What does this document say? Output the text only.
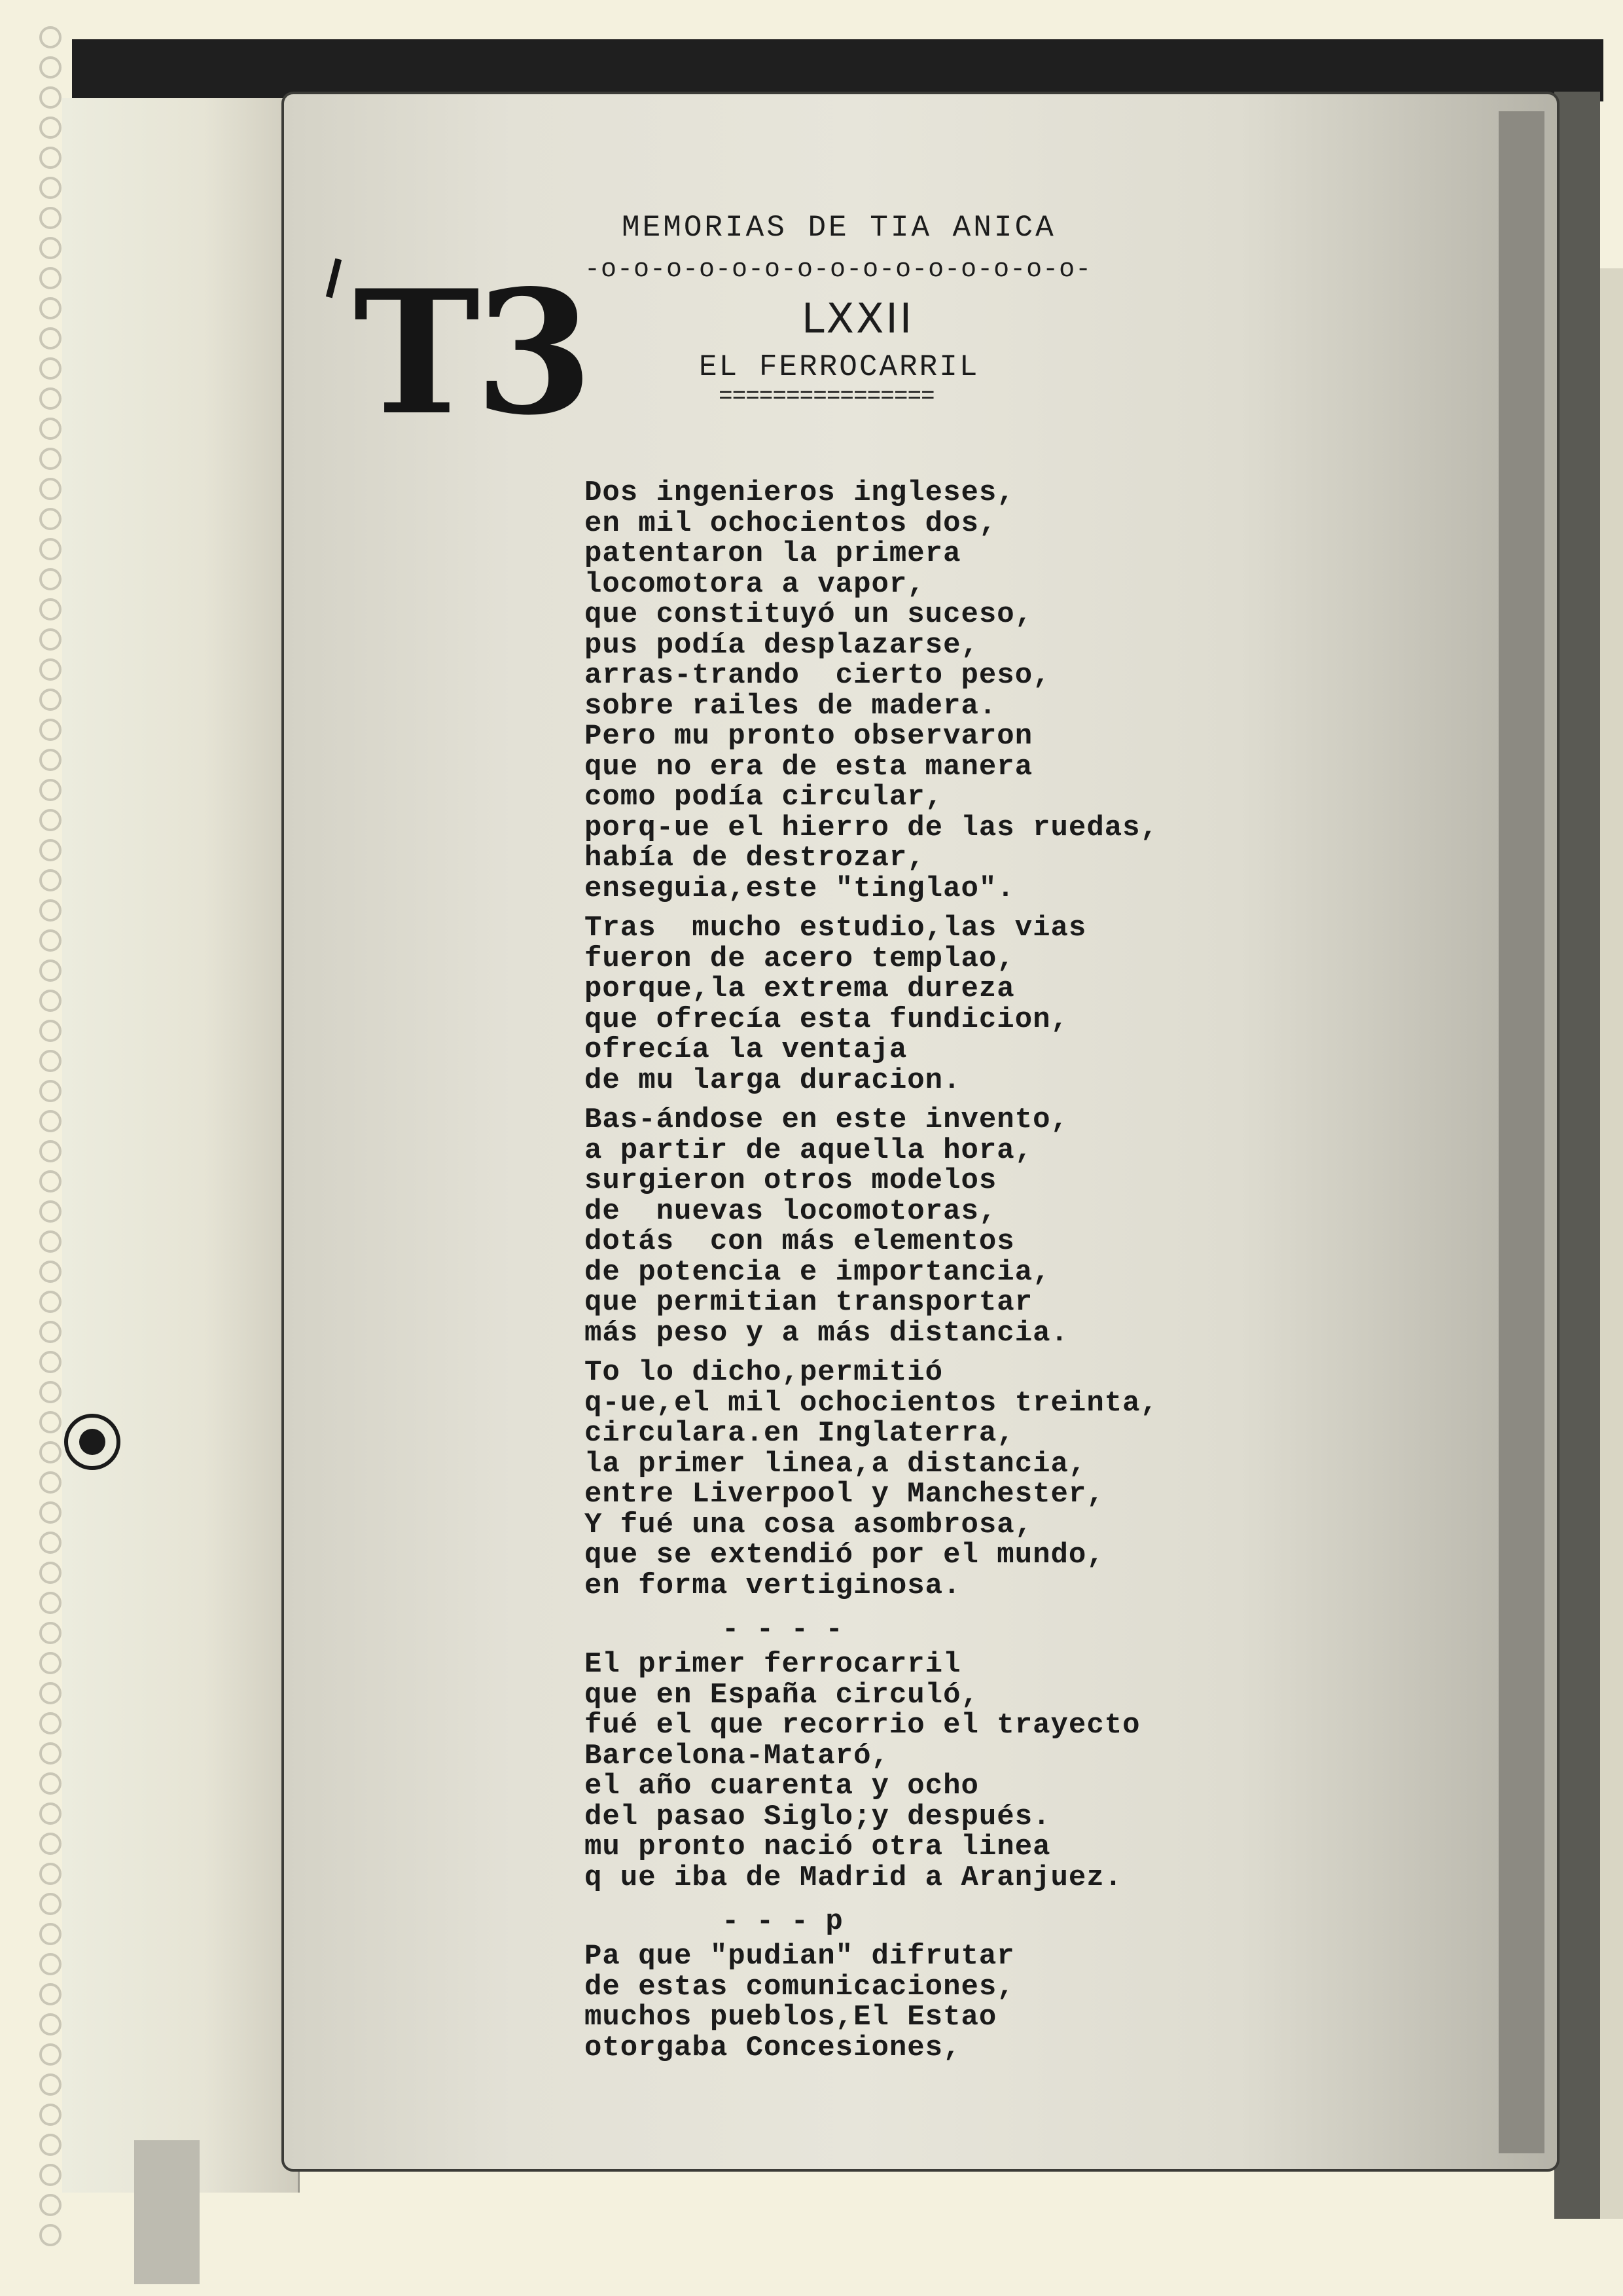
T3
MEMORIAS DE TIA ANICA
-o-o-o-o-o-o-o-o-o-o-o-o-o-o-o-
LXXII
EL FERROCARRIL
================
Dos ingenieros ingleses,
en mil ochocientos dos,
patentaron la primera
locomotora a vapor,
que constituyó un suceso,
pus podía desplazarse,
arras-trando  cierto peso,
sobre railes de madera.
Pero mu pronto observaron
que no era de esta manera
como podía circular,
porq-ue el hierro de las ruedas,
había de destrozar,
enseguia,este "tinglao".
Tras  mucho estudio,las vias
fueron de acero templao,
porque,la extrema dureza
que ofrecía esta fundicion,
ofrecía la ventaja
de mu larga duracion.
Bas-ándose en este invento,
a partir de aquella hora,
surgieron otros modelos
de  nuevas locomotoras,
dotás  con más elementos
de potencia e importancia,
que permitian transportar
más peso y a más distancia.
To lo dicho,permitió
q-ue,el mil ochocientos treinta,
circulara.en Inglaterra,
la primer linea,a distancia,
entre Liverpool y Manchester,
Y fué una cosa asombrosa,
que se extendió por el mundo,
en forma vertiginosa.
- - - -
El primer ferrocarril
que en España circuló,
fué el que recorrio el trayecto
Barcelona-Mataró,
el año cuarenta y ocho
del pasao Siglo;y después.
mu pronto nació otra linea
q ue iba de Madrid a Aranjuez.
- - - p
Pa que "pudian" difrutar
de estas comunicaciones,
muchos pueblos,El Estao
otorgaba Concesiones,
